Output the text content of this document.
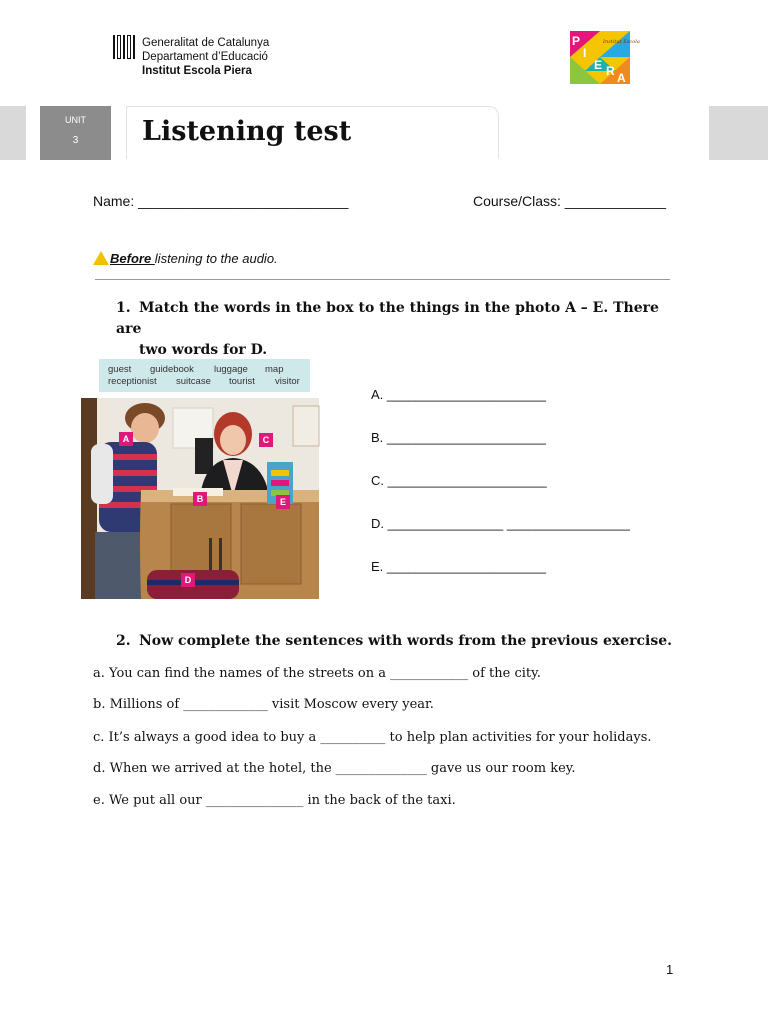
Generalitat de Catalunya
Departament d’Educació
Institut Escola Piera
P
I
E R A
Institut Escola
UNIT
3	Listening test
Name: ___________________________	Course/Class: _____________
Before listening to the audio.
1. Match the words in the box to the things in the photo A – E. There are
two words for D.
guest guidebook luggage map
receptionist suitcase tourist visitor
A
B
C
D
E
A. ______________________
B. ______________________
C. ______________________
D. ________________ _________________
E. ______________________
2. Now complete the sentences with words from the previous exercise.
a. You can find the names of the streets on a ____________ of the city.
b. Millions of _____________ visit Moscow every year.
c. It’s always a good idea to buy a __________ to help plan activities for your holidays.
d. When we arrived at the hotel, the ______________ gave us our room key.
e. We put all our _______________ in the back of the taxi.
1
